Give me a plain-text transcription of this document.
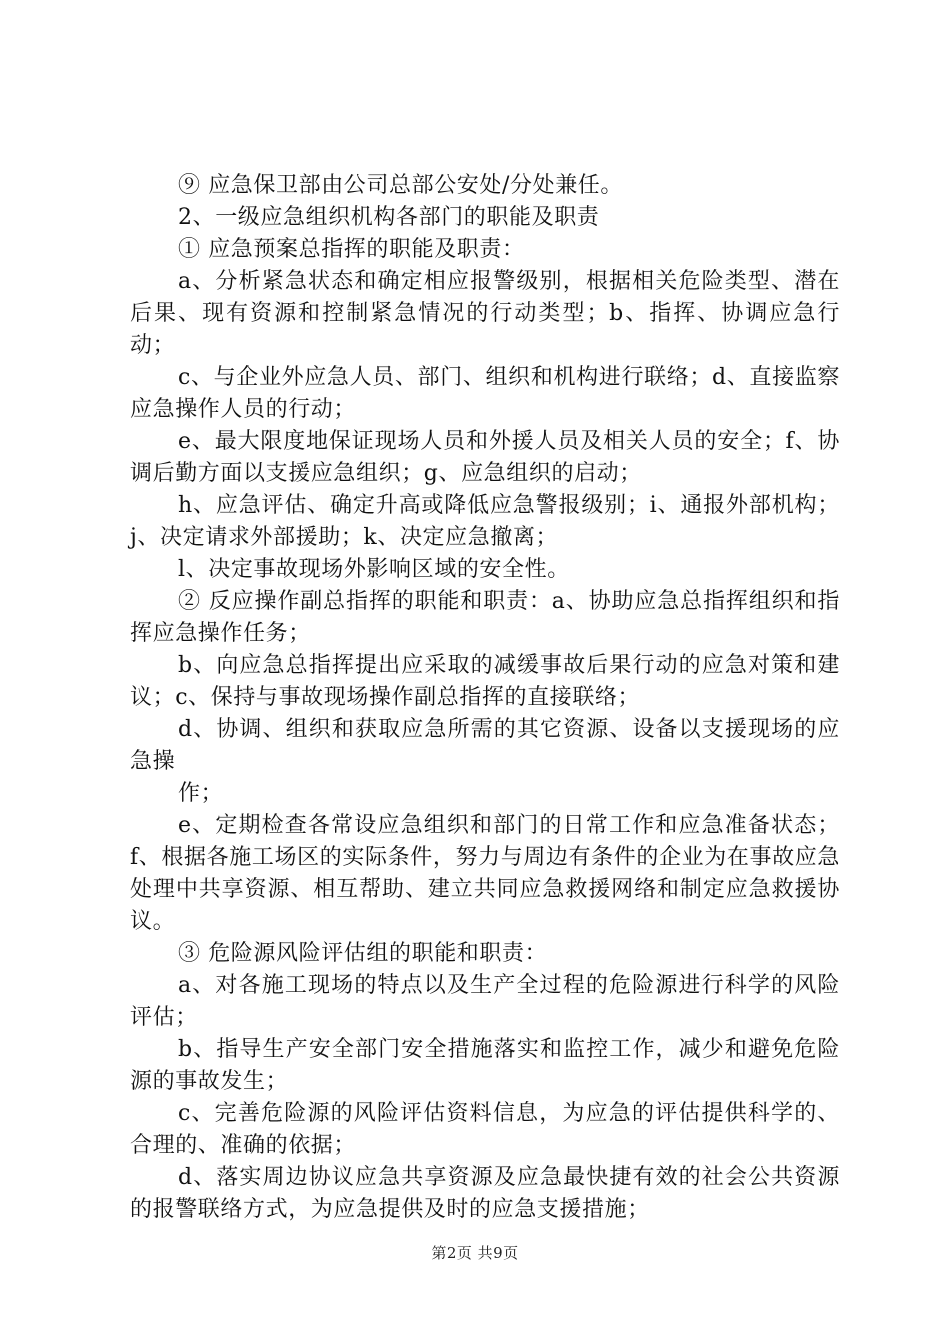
⑨ 应急保卫部由公司总部公安处/分处兼任。

2、一级应急组织机构各部门的职能及职责

① 应急预案总指挥的职能及职责：

a、分析紧急状态和确定相应报警级别，根据相关危险类型、潜在后果、现有资源和控制紧急情况的行动类型；b、指挥、协调应急行动；

c、与企业外应急人员、部门、组织和机构进行联络；d、直接监察应急操作人员的行动；

e、最大限度地保证现场人员和外援人员及相关人员的安全；f、协调后勤方面以支援应急组织；g、应急组织的启动；

h、应急评估、确定升高或降低应急警报级别；i、通报外部机构；j、决定请求外部援助；k、决定应急撤离；

l、决定事故现场外影响区域的安全性。

② 反应操作副总指挥的职能和职责：a、协助应急总指挥组织和指挥应急操作任务；

b、向应急总指挥提出应采取的减缓事故后果行动的应急对策和建议；c、保持与事故现场操作副总指挥的直接联络；

d、协调、组织和获取应急所需的其它资源、设备以支援现场的应急操

作；

e、定期检查各常设应急组织和部门的日常工作和应急准备状态；f、根据各施工场区的实际条件，努力与周边有条件的企业为在事故应急处理中共享资源、相互帮助、建立共同应急救援网络和制定应急救援协议。

③ 危险源风险评估组的职能和职责：

a、对各施工现场的特点以及生产全过程的危险源进行科学的风险评估；

b、指导生产安全部门安全措施落实和监控工作，减少和避免危险源的事故发生；

c、完善危险源的风险评估资料信息，为应急的评估提供科学的、合理的、准确的依据；

d、落实周边协议应急共享资源及应急最快捷有效的社会公共资源的报警联络方式，为应急提供及时的应急支援措施；

第2页 共9页
